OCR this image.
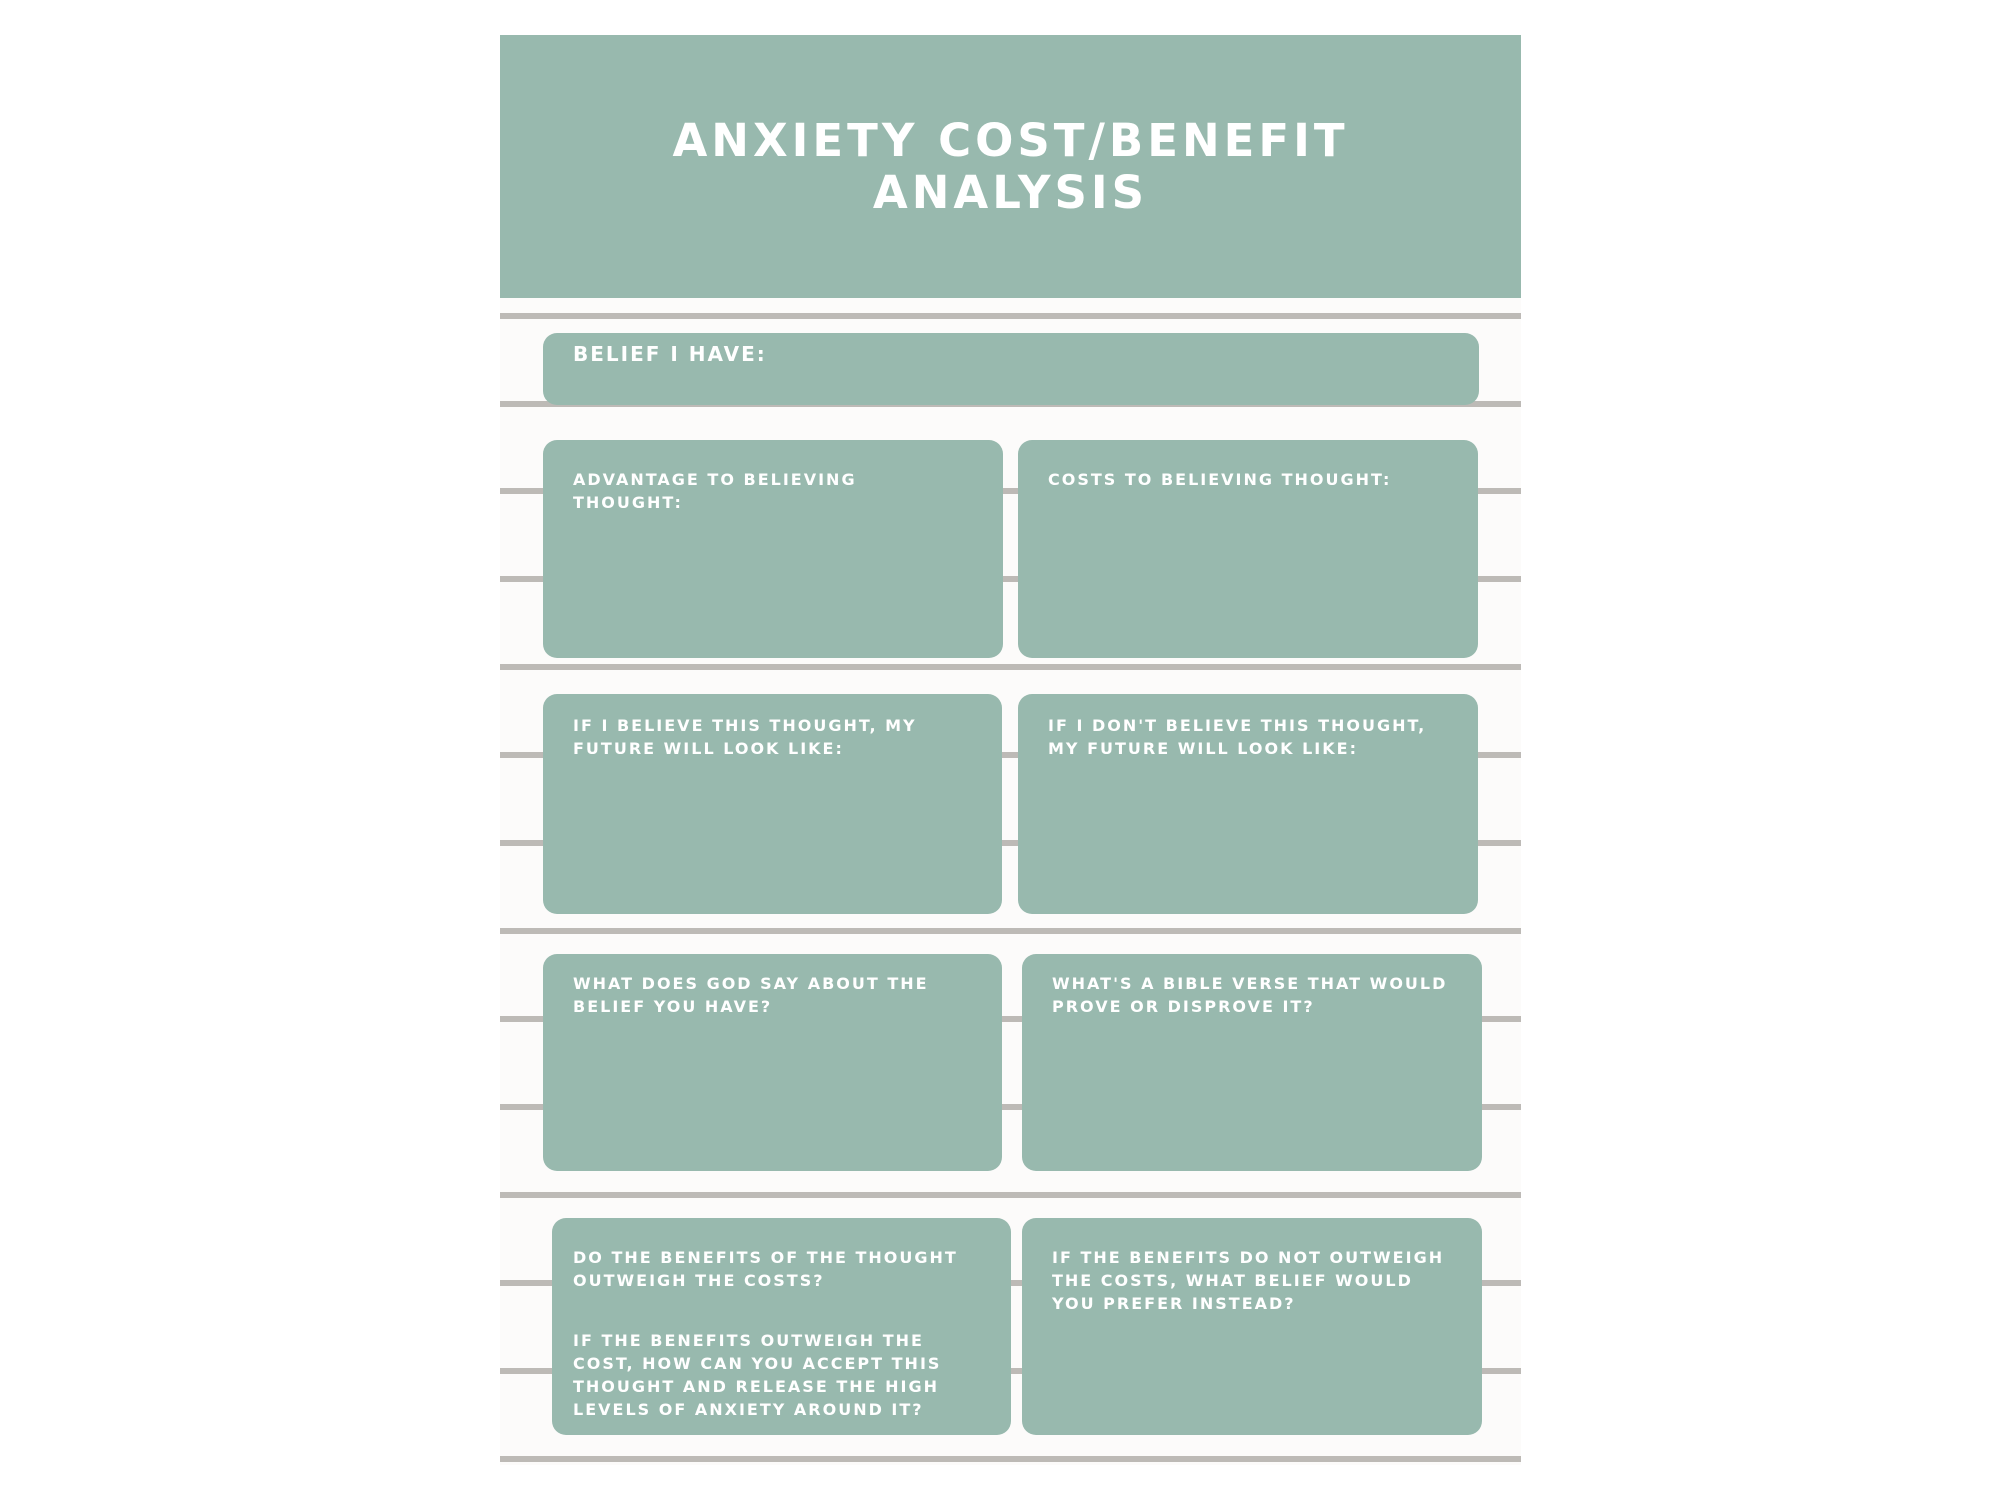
ANXIETY COST/BENEFIT
ANALYSIS

BELIEF I HAVE:

ADVANTAGE TO BELIEVING THOUGHT:

COSTS TO BELIEVING THOUGHT:

IF I BELIEVE THIS THOUGHT, MY FUTURE WILL LOOK LIKE:

IF I DON'T BELIEVE THIS THOUGHT, MY FUTURE WILL LOOK LIKE:

WHAT DOES GOD SAY ABOUT THE BELIEF YOU HAVE?

WHAT'S A BIBLE VERSE THAT WOULD PROVE OR DISPROVE IT?

DO THE BENEFITS OF THE THOUGHT OUTWEIGH THE COSTS?

IF THE BENEFITS OUTWEIGH THE COST, HOW CAN YOU ACCEPT THIS THOUGHT AND RELEASE THE HIGH LEVELS OF ANXIETY AROUND IT?

IF THE BENEFITS DO NOT OUTWEIGH THE COSTS, WHAT BELIEF WOULD YOU PREFER INSTEAD?
